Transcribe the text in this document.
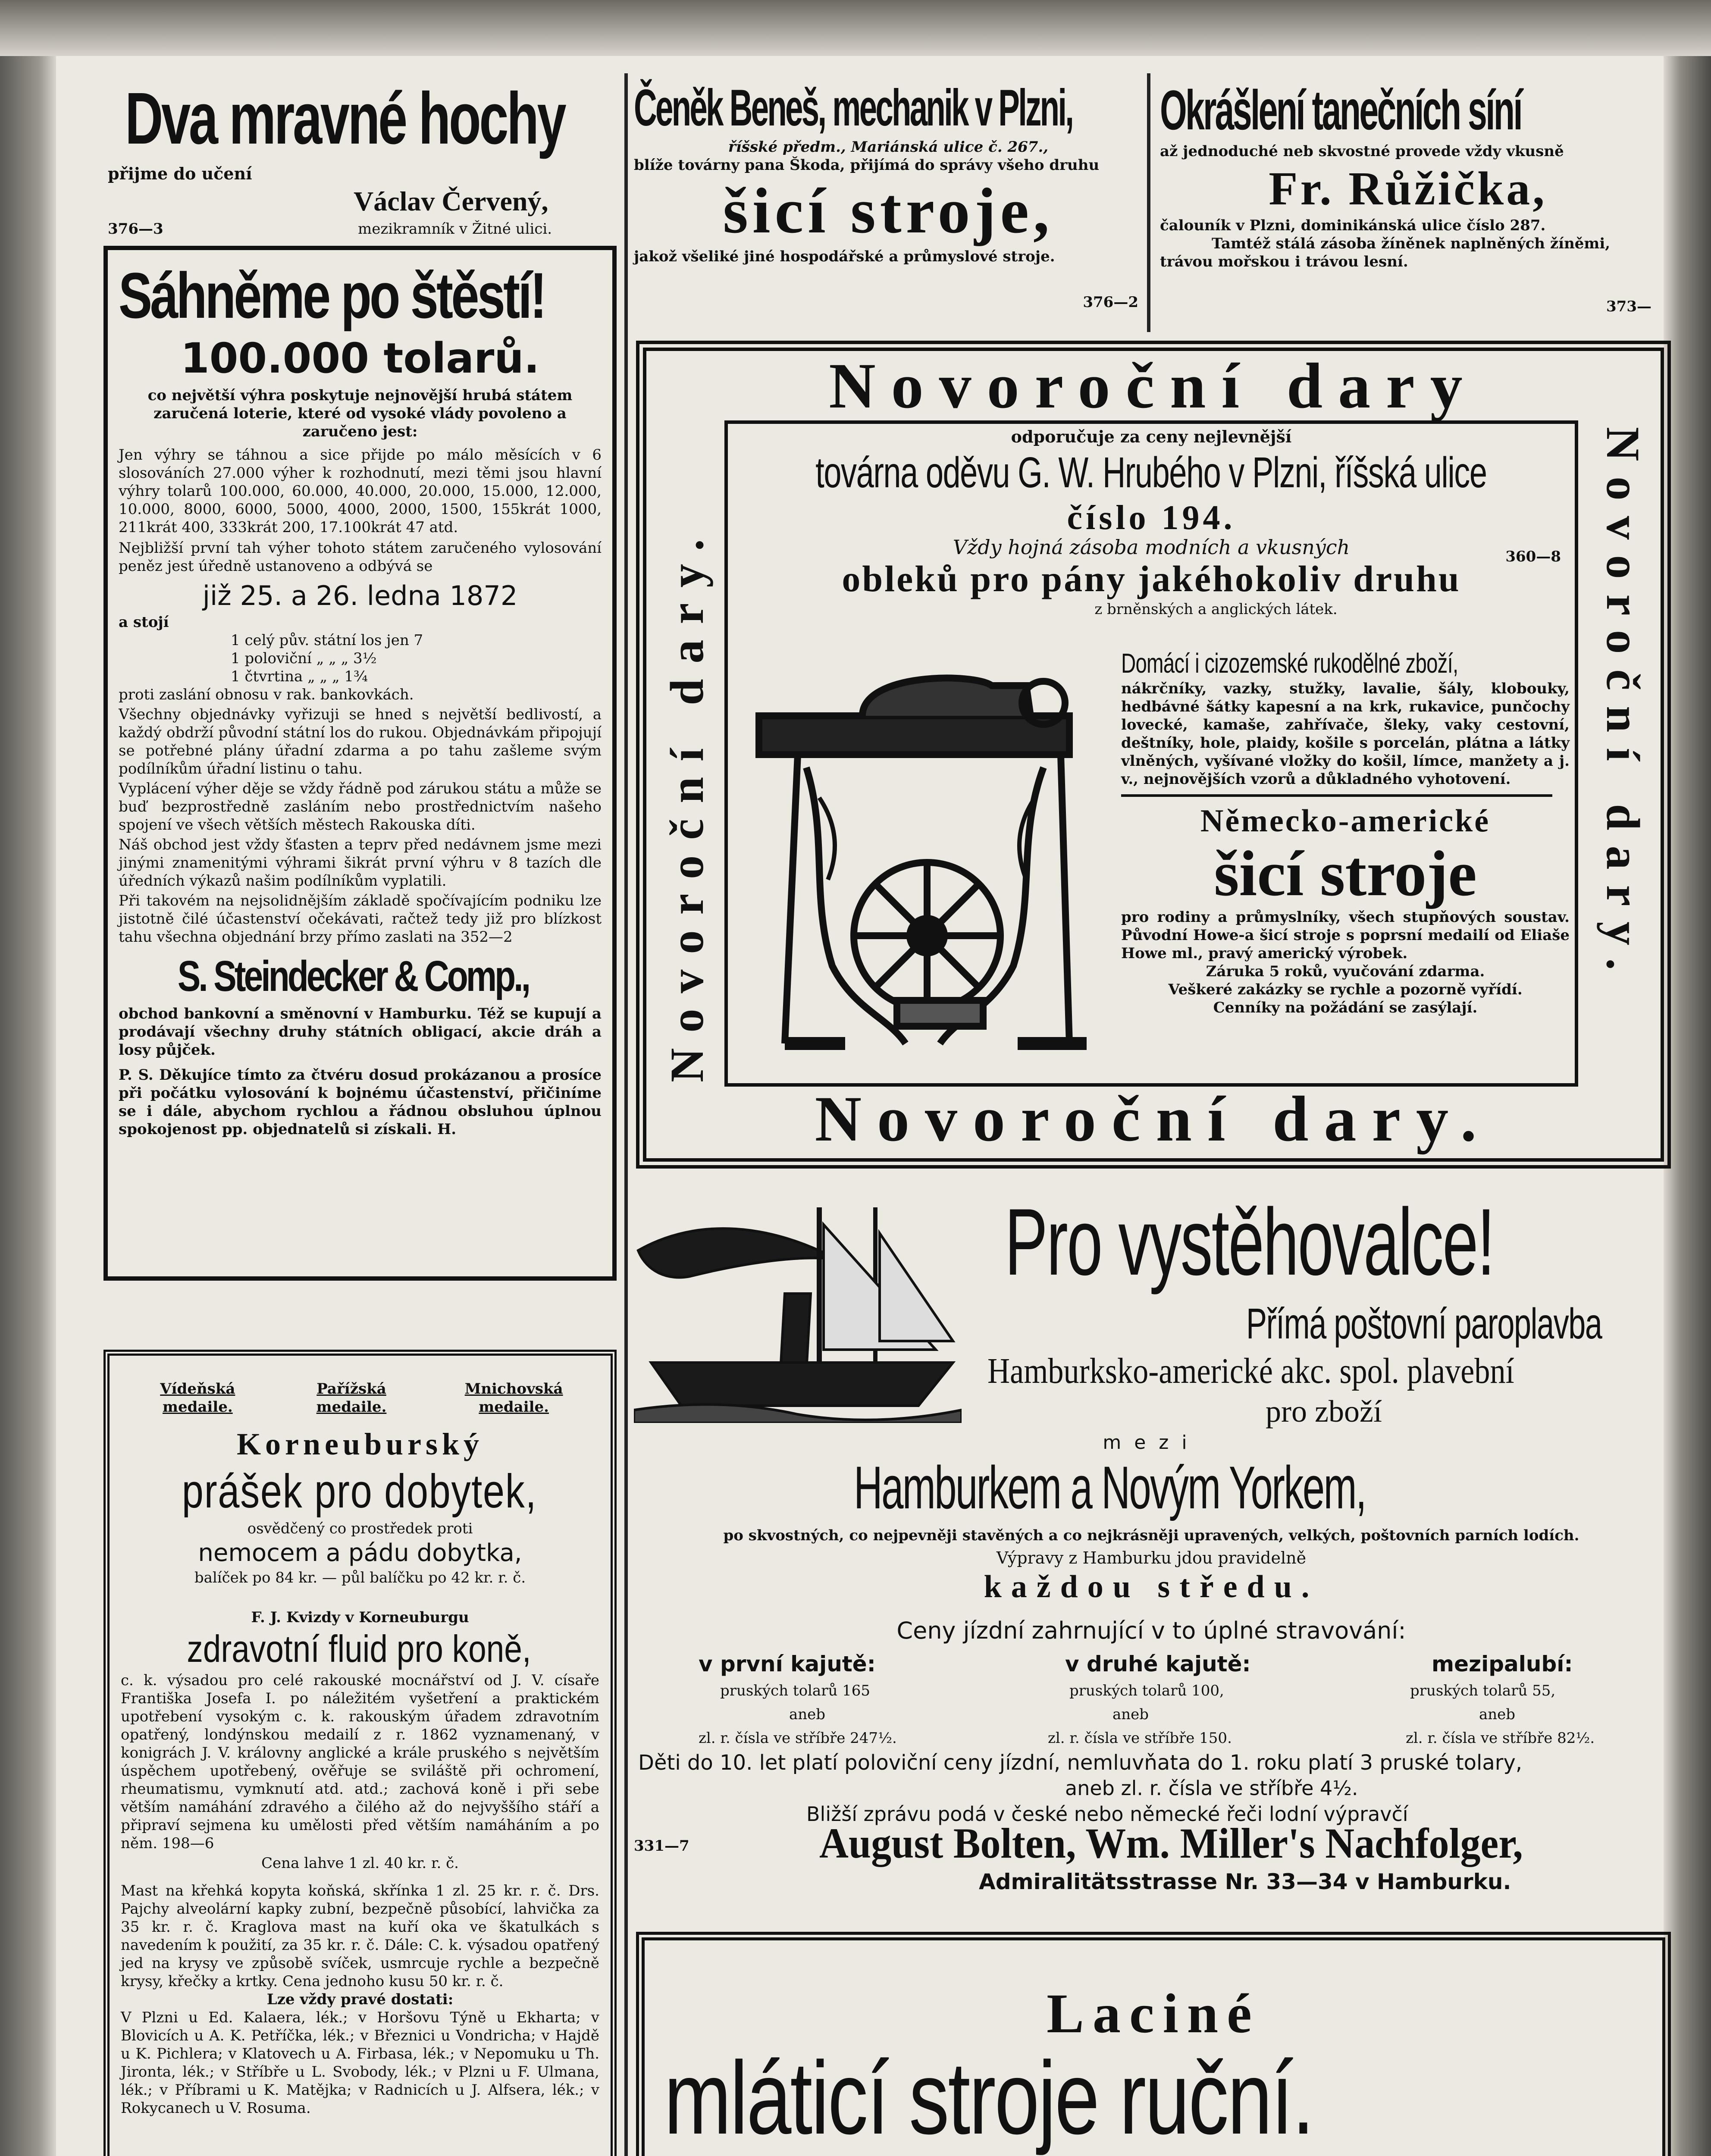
Dva mravné hochy
přijme do učení
Václav Červený,
mezikramník v Žitné ulici.
376—3
Sáhněme po štěstí!
100.000 tolarů.
co největší výhra poskytuje nejnovější hrubá státem zaručená loterie, které od vysoké vlády povoleno a zaručeno jest:
Jen výhry se táhnou a sice přijde po málo měsících v 6 slosováních 27.000 výher k rozhodnutí, mezi těmi jsou hlavní výhry tolarů 100.000, 60.000, 40.000, 20.000, 15.000, 12.000, 10.000, 8000, 6000, 5000, 4000, 2000, 1500, 155krát 1000, 211krát 400, 333krát 200, 17.100krát 47 atd.
Nejbližší první tah výher tohoto státem zaručeného vylosování peněz jest úředně ustanoveno a odbývá se
již 25. a 26. ledna 1872
a stojí
1 celý pův. státní los jen 7
1 poloviční „ „ „ 3½
1 čtvrtina „ „ „ 1¾
proti zaslání obnosu v rak. bankovkách.
Všechny objednávky vyřizuji se hned s největší bedlivostí, a každý obdrží původní státní los do rukou. Objednávkám připojují se potřebné plány úřadní zdarma a po tahu zašleme svým podílníkům úřadní listinu o tahu.
Vyplácení výher děje se vždy řádně pod zárukou státu a může se buď bezprostředně zasláním nebo prostřednictvím našeho spojení ve všech větších městech Rakouska díti.
Náš obchod jest vždy šťasten a teprv před nedávnem jsme mezi jinými znamenitými výhrami šikrát první výhru v 8 tazích dle úředních výkazů našim podílníkům vyplatili.
Při takovém na nejsolidnějším základě spočívajícím podniku lze jistotně čilé účastenství očekávati, račtež tedy již pro blízkost tahu všechna objednání brzy přímo zaslati na 352—2
S. Steindecker & Comp.,
obchod bankovní a směnovní v Hamburku. Též se kupují a prodávají všechny druhy státních obligací, akcie dráh a losy půjček.
P. S. Děkujíce tímto za čtvéru dosud prokázanou a prosíce při počátku vylosování k bojnému účastenství, přičiníme se i dále, abychom rychlou a řádnou obsluhou úplnou spokojenost pp. objednatelů si získali. H.
Vídeňská medaile.
Pařížská medaile.
Mnichovská medaile.
Korneuburský
prášek pro dobytek,
osvědčený co prostředek proti
nemocem a pádu dobytka,
balíček po 84 kr. — půl balíčku po 42 kr. r. č.
F. J. Kvizdy v Korneuburgu
zdravotní fluid pro koně,
c. k. výsadou pro celé rakouské mocnářství od J. V. císaře Františka Josefa I. po náležitém vyšetření a praktickém upotřebení vysokým c. k. rakouským úřadem zdravotním opatřený, londýnskou medailí z r. 1862 vyznamenaný, v konigrách J. V. královny anglické a krále pruského s největším úspěchem upotřebený, ověřuje se sviláště při ochromení, rheumatismu, vymknutí atd. atd.; zachová koně i při sebe větším namáhání zdravého a čilého až do nejvyššího stáří a připraví sejmena ku umělosti před větším namáháním a po něm. 198—6
Cena lahve 1 zl. 40 kr. r. č.
Mast na křehká kopyta koňská, skřínka 1 zl. 25 kr. r. č. Drs. Pajchy alveolární kapky zubní, bezpečně působící, lahvička za 35 kr. r. č. Kraglova mast na kuří oka ve škatulkách s navedením k použití, za 35 kr. r. č. Dále: C. k. výsadou opatřený jed na krysy ve způsobě svíček, usmrcuje rychle a bezpečně krysy, křečky a krtky. Cena jednoho kusu 50 kr. r. č.
Lze vždy pravé dostati:
V Plzni u Ed. Kalaera, lék.; v Horšovu Týně u Ekharta; v Blovicích u A. K. Petříčka, lék.; v Březnici u Vondricha; v Hajdě u K. Pichlera; v Klatovech u A. Firbasa, lék.; v Nepomuku u Th. Jironta, lék.; v Stříbře u L. Svobody, lék.; v Plzni u F. Ulmana, lék.; v Příbrami u K. Matějka; v Radnicích u J. Alfsera, lék.; v Rokycanech u V. Rosuma.
Čeněk Beneš, mechanik v Plzni,
říšské předm., Mariánská ulice č. 267.,
blíže továrny pana Škoda, přijímá do správy všeho druhu
šicí stroje,
jakož všeliké jiné hospodářské a průmyslové stroje.
376—2
Okrášlení tanečních síní
až jednoduché neb skvostné provede vždy vkusně
Fr. Růžička,
čalouník v Plzni, dominikánská ulice číslo 287.
Tamtéž stálá zásoba žíněnek naplněných žíněmi, trávou mořskou i trávou lesní.
373—
Novoroční dary
Novoroční dary.
Novoroční dary.	Novoroční dary.
odporučuje za ceny nejlevnější
továrna oděvu G. W. Hrubého v Plzni, říšská ulice
číslo 194.
Vždy hojná zásoba modních a vkusných	360—8
obleků pro pány jakéhokoliv druhu
z brněnských a anglických látek.
Domácí i cizozemské rukodělné zboží,
nákrčníky, vazky, stužky, lavalie, šály, klobouky, hedbávné šátky kapesní a na krk, rukavice, punčochy lovecké, kamaše, zahřívače, šleky, vaky cestovní, deštníky, hole, plaidy, košile s porcelán, plátna a látky vlněných, vyšívané vložky do košil, límce, manžety a j. v., nejnovějších vzorů a důkladného vyhotovení.
Německo-americké
šicí stroje
pro rodiny a průmyslníky, všech stupňových soustav. Původní Howe-a šicí stroje s poprsní medailí od Eliaše Howe ml., pravý americký výrobek.
Záruka 5 roků, vyučování zdarma.
Veškeré zakázky se rychle a pozorně vyřídí.
Cenníky na požádání se zasýlají.
Pro vystěhovalce!
Přímá poštovní paroplavba
Hamburksko-americké akc. spol. plavební
pro zboží
mezi
Hamburkem a Novým Yorkem,
po skvostných, co nejpevněji stavěných a co nejkrásněji upravených, velkých, poštovních parních lodích.
Výpravy z Hamburku jdou pravidelně
každou středu.
Ceny jízdní zahrnující v to úplné stravování:
v první kajutě:	v druhé kajutě:	mezipalubí:
pruských tolarů 165	pruských tolarů 100,	pruských tolarů 55,
aneb	aneb	aneb
zl. r. čísla ve stříbře 247½.	zl. r. čísla ve stříbře 150.	zl. r. čísla ve stříbře 82½.
Děti do 10. let platí poloviční ceny jízdní, nemluvňata do 1. roku platí 3 pruské tolary,
aneb zl. r. čísla ve stříbře 4½.
Bližší zprávu podá v české nebo německé řeči lodní výpravčí
331—7	August Bolten, Wm. Miller's Nachfolger,
Admiralitätsstrasse Nr. 33—34 v Hamburku.
Laciné
mláticí stroje ruční.
